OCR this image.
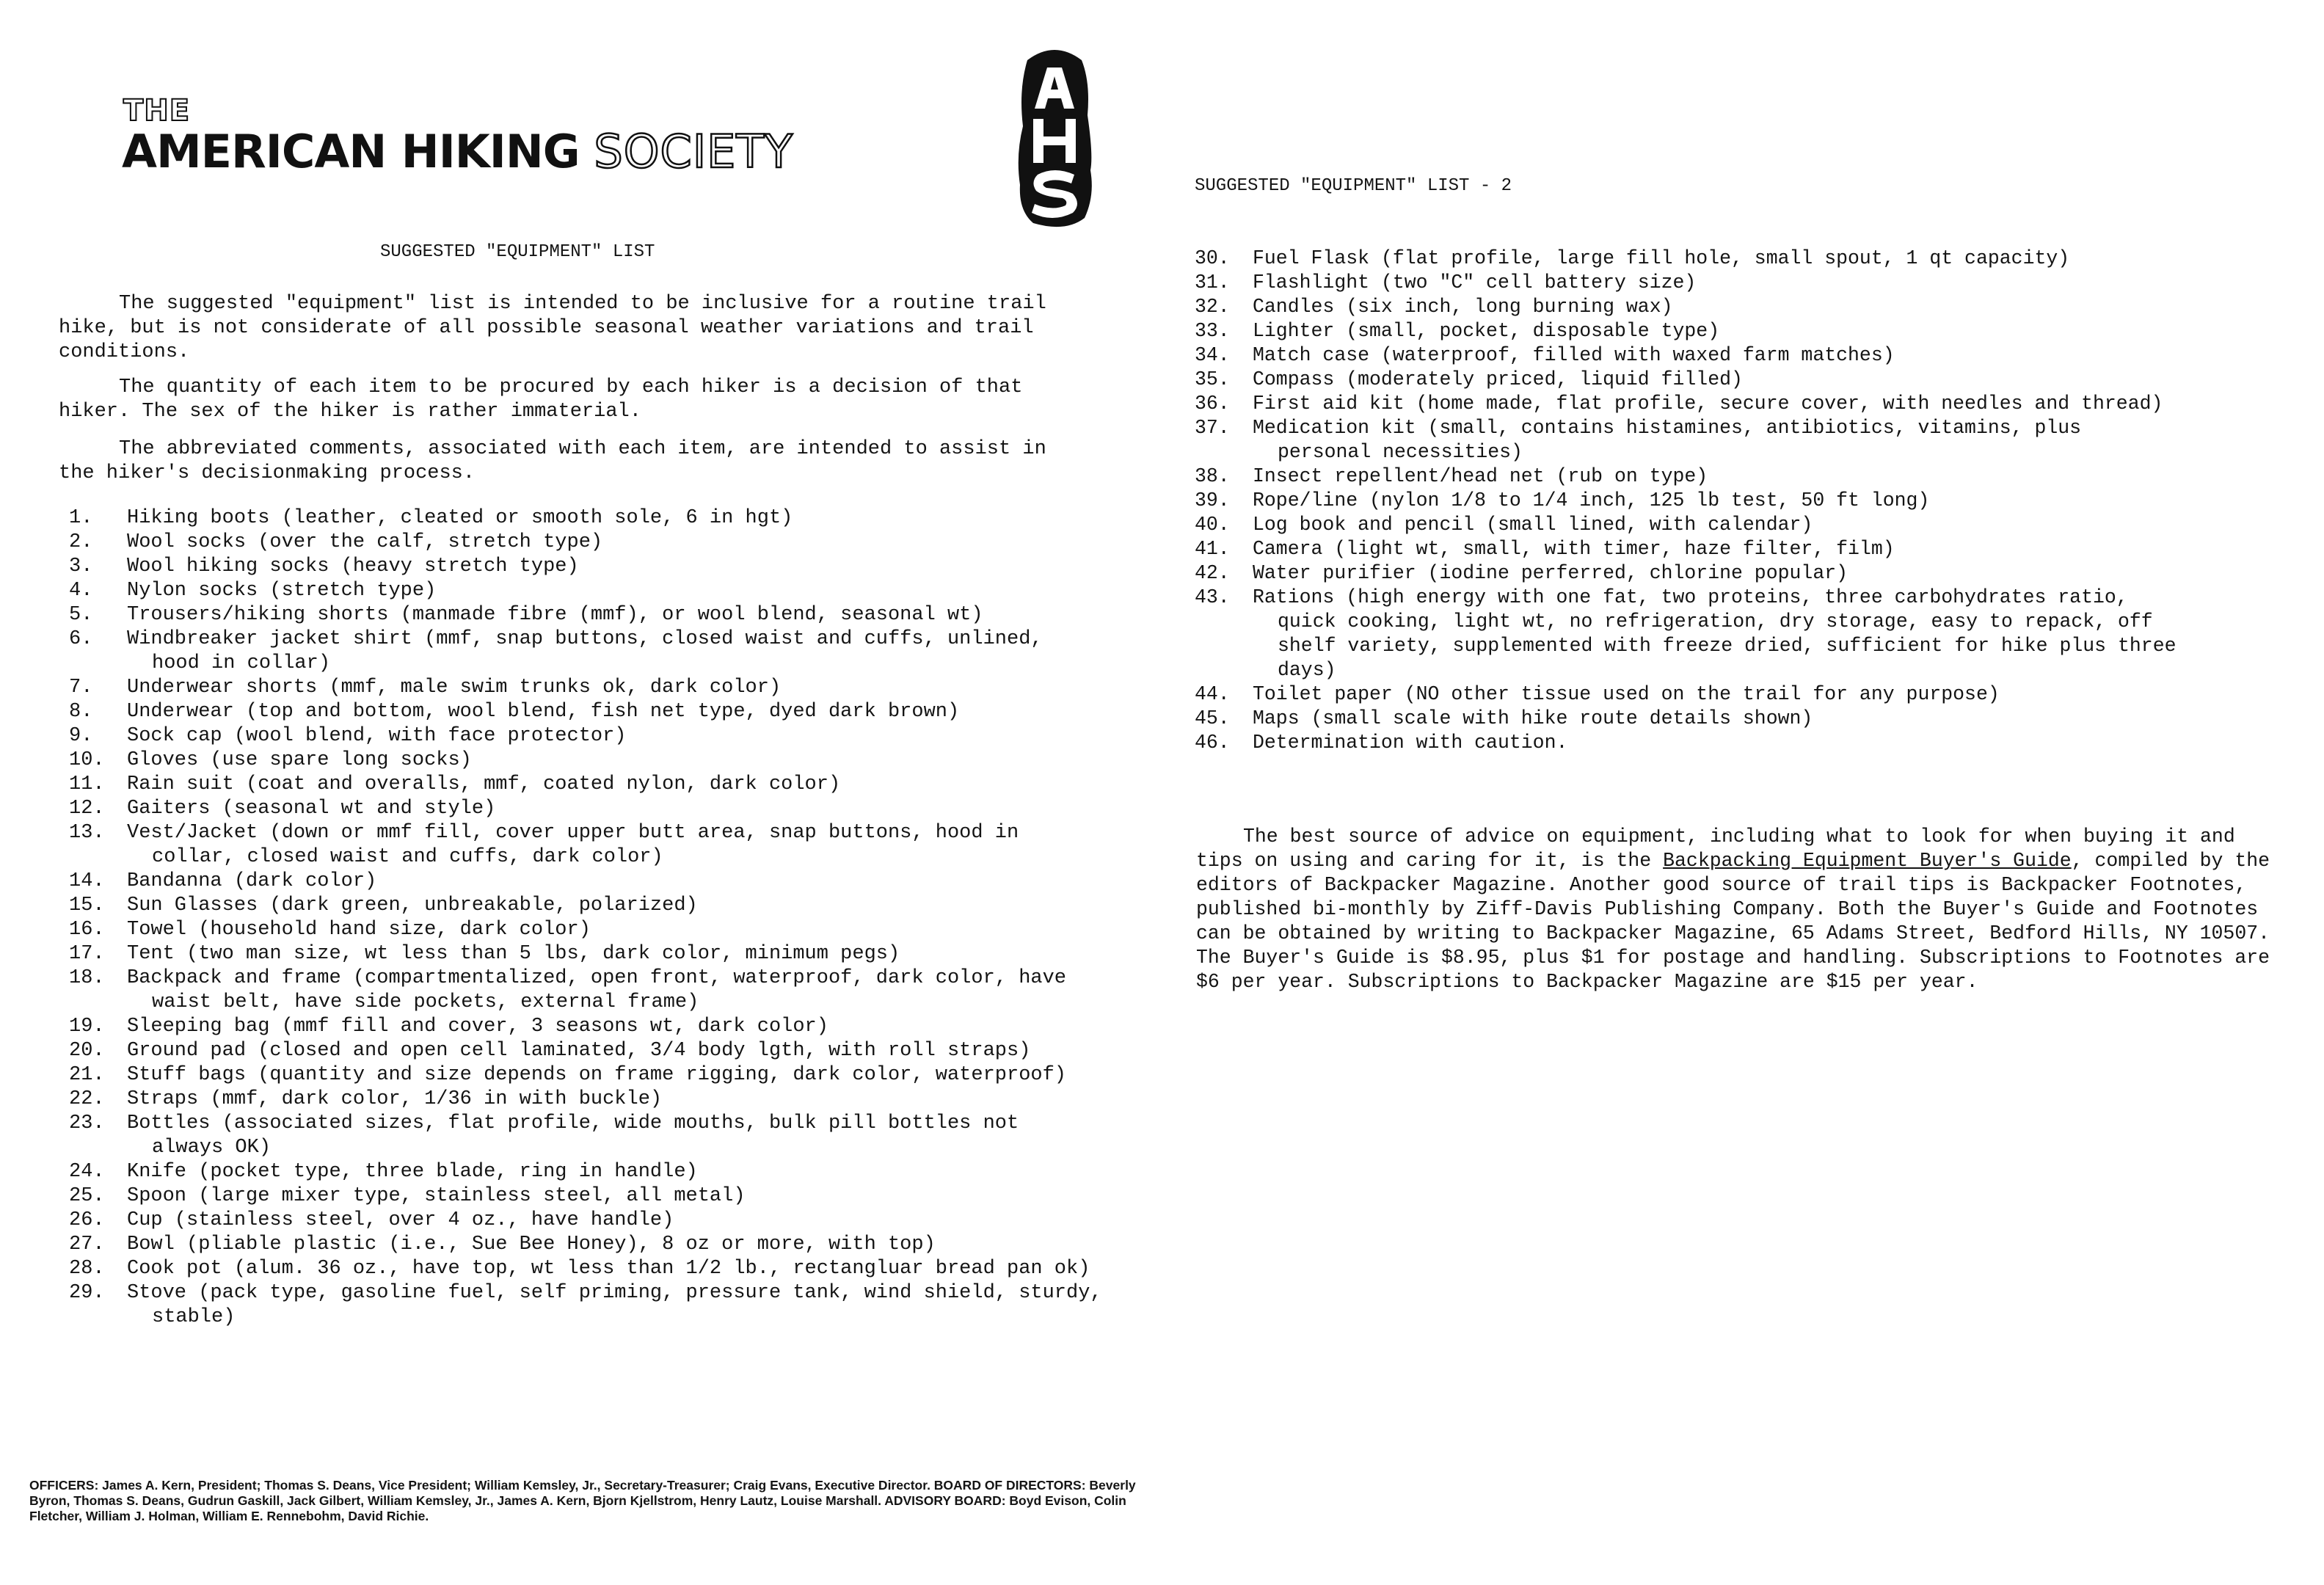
THE
AMERICAN HIKING SOCIETY
SUGGESTED "EQUIPMENT" LIST
The suggested "equipment" list is intended to be inclusive for a routine trail hike, but is not considerate of all possible seasonal weather variations and trail conditions.
The quantity of each item to be procured by each hiker is a decision of that hiker. The sex of the hiker is rather immaterial.
The abbreviated comments, associated with each item, are intended to assist in the hiker's decisionmaking process.
1.	Hiking boots (leather, cleated or smooth sole, 6 in hgt)
2.	Wool socks (over the calf, stretch type)
3.	Wool hiking socks (heavy stretch type)
4.	Nylon socks (stretch type)
5.	Trousers/hiking shorts (manmade fibre (mmf), or wool blend, seasonal wt)
6.	Windbreaker jacket shirt (mmf, snap buttons, closed waist and cuffs, unlined,
hood in collar)
7.	Underwear shorts (mmf, male swim trunks ok, dark color)
8.	Underwear (top and bottom, wool blend, fish net type, dyed dark brown)
9.	Sock cap (wool blend, with face protector)
10.	Gloves (use spare long socks)
11.	Rain suit (coat and overalls, mmf, coated nylon, dark color)
12.	Gaiters (seasonal wt and style)
13.	Vest/Jacket (down or mmf fill, cover upper butt area, snap buttons, hood in
collar, closed waist and cuffs, dark color)
14.	Bandanna (dark color)
15.	Sun Glasses (dark green, unbreakable, polarized)
16.	Towel (household hand size, dark color)
17.	Tent (two man size, wt less than 5 lbs, dark color, minimum pegs)
18.	Backpack and frame (compartmentalized, open front, waterproof, dark color, have
waist belt, have side pockets, external frame)
19.	Sleeping bag (mmf fill and cover, 3 seasons wt, dark color)
20.	Ground pad (closed and open cell laminated, 3/4 body lgth, with roll straps)
21.	Stuff bags (quantity and size depends on frame rigging, dark color, waterproof)
22.	Straps (mmf, dark color, 1/36 in with buckle)
23.	Bottles (associated sizes, flat profile, wide mouths, bulk pill bottles not
always OK)
24.	Knife (pocket type, three blade, ring in handle)
25.	Spoon (large mixer type, stainless steel, all metal)
26.	Cup (stainless steel, over 4 oz., have handle)
27.	Bowl (pliable plastic (i.e., Sue Bee Honey), 8 oz or more, with top)
28.	Cook pot (alum. 36 oz., have top, wt less than 1/2 lb., rectangluar bread pan ok)
29.	Stove (pack type, gasoline fuel, self priming, pressure tank, wind shield, sturdy,
stable)
SUGGESTED "EQUIPMENT" LIST - 2
30.	Fuel Flask (flat profile, large fill hole, small spout, 1 qt capacity)
31.	Flashlight (two "C" cell battery size)
32.	Candles (six inch, long burning wax)
33.	Lighter (small, pocket, disposable type)
34.	Match case (waterproof, filled with waxed farm matches)
35.	Compass (moderately priced, liquid filled)
36.	First aid kit (home made, flat profile, secure cover, with needles and thread)
37.	Medication kit (small, contains histamines, antibiotics, vitamins, plus
personal necessities)
38.	Insect repellent/head net (rub on type)
39.	Rope/line (nylon 1/8 to 1/4 inch, 125 lb test, 50 ft long)
40.	Log book and pencil (small lined, with calendar)
41.	Camera (light wt, small, with timer, haze filter, film)
42.	Water purifier (iodine perferred, chlorine popular)
43.	Rations (high energy with one fat, two proteins, three carbohydrates ratio,
quick cooking, light wt, no refrigeration, dry storage, easy to repack, off shelf variety, supplemented with freeze dried, sufficient for hike plus three days)
44.	Toilet paper (NO other tissue used on the trail for any purpose)
45.	Maps (small scale with hike route details shown)
46.	Determination with caution.
The best source of advice on equipment, including what to look for when buying it and tips on using and caring for it, is the Backpacking Equipment Buyer's Guide, compiled by the editors of Backpacker Magazine. Another good source of trail tips is Backpacker Footnotes, published bi-monthly by Ziff-Davis Publishing Company. Both the Buyer's Guide and Footnotes can be obtained by writing to Backpacker Magazine, 65 Adams Street, Bedford Hills, NY 10507. The Buyer's Guide is $8.95, plus $1 for postage and handling. Subscriptions to Footnotes are $6 per year. Subscriptions to Backpacker Magazine are $15 per year.
OFFICERS: James A. Kern, President; Thomas S. Deans, Vice President; William Kemsley, Jr., Secretary-Treasurer; Craig Evans, Executive Director. BOARD OF DIRECTORS: Beverly Byron, Thomas S. Deans, Gudrun Gaskill, Jack Gilbert, William Kemsley, Jr., James A. Kern, Bjorn Kjellstrom, Henry Lautz, Louise Marshall. ADVISORY BOARD: Boyd Evison, Colin Fletcher, William J. Holman, William E. Rennebohm, David Richie.
